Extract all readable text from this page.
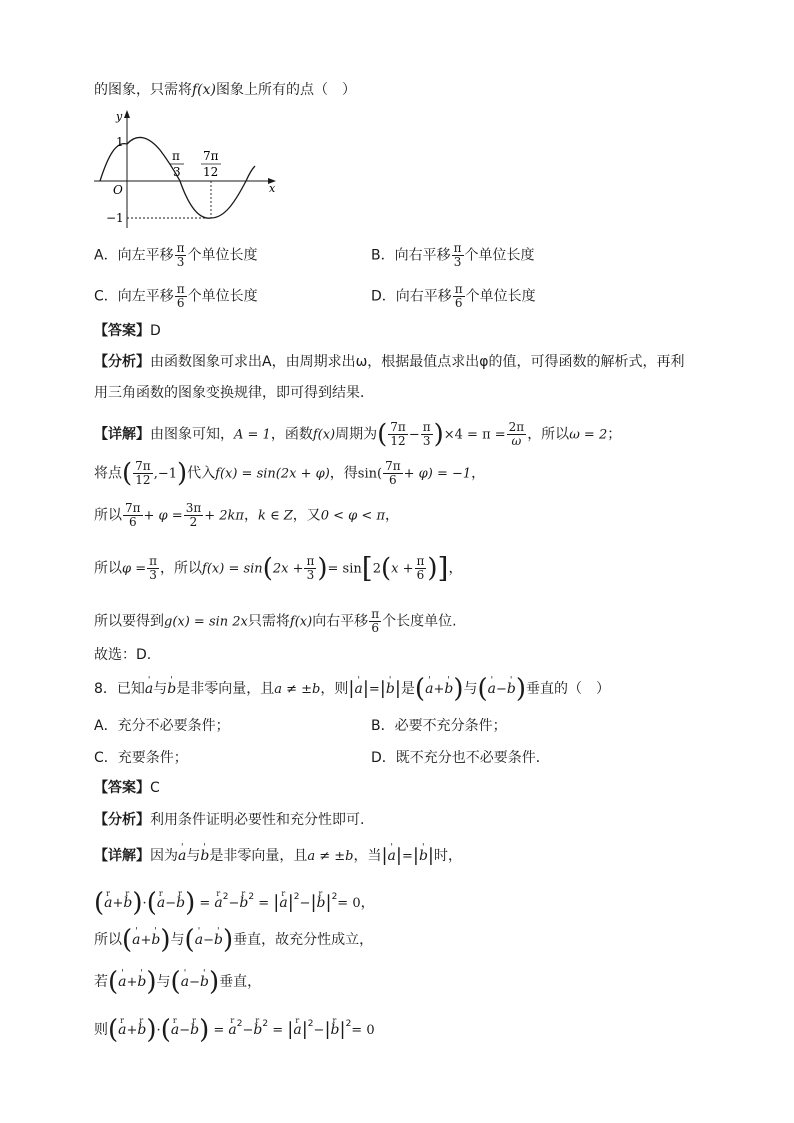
的图象，只需将f(x)图象上所有的点（　）
y
x
O
1
−1
π
3
7π
12
A．向左平移 $\frac{\pi}{3}$ 个单位长度	B．向右平移 $\frac{\pi}{3}$ 个单位长度
C．向左平移 $\frac{\pi}{6}$ 个单位长度	D．向右平移 $\frac{\pi}{6}$ 个单位长度
【答案】D
【分析】由函数图象可求出A，由周期求出ω，根据最值点求出φ的值，可得函数的解析式，再利
用三角函数的图象变换规律，即可得到结果．
【详解】由图象可知，A = 1，函数f(x)周期为( $\frac{7\pi}{12} - \frac{\pi}{3} )\times 4 = \pi = \frac{2\pi}{\omega}$ ，所以ω = 2；
将点( $\frac{7\pi}{12} ,-1$)代入f(x) = sin(2x + φ)，得$\sin( \frac{7\pi}{6} + \varphi) = -1$，
所以 $\frac{7\pi}{6} + \varphi = \frac{3\pi}{2} + 2k\pi$，k ∈ Z，又0 < φ < π，
所以$\varphi = \frac{\pi}{3}$ ，所以$f(x) = \sin(2x + \frac{\pi}{3}$ )= $\sin[2(x + \frac{\pi}{6}$ )]，
所以要得到g(x) = sin 2x只需将f(x)向右平移 $\frac{\pi}{6}$ 个长度单位.
故选：D.
8．已知' a与' b是非零向量，且a ≠ ±b，则|' a|=|' b|是(' a+' b)与(' a−' b)垂直的（　）
A．充分不必要条件；	B．必要不充分条件；
C．充要条件；	D．既不充分也不必要条件．
【答案】C
【分析】利用条件证明必要性和充分性即可.
【详解】因为' a与' b是非零向量，且a ≠ ±b，当|' a|=|' b|时，
(r a+r b)·(r a−r b) = r $a^2-r$ $b^2 = |r$ $a|^2-|r$ $b|^2= 0$，
所以(' a+' b)与(' a−' b)垂直，故充分性成立，
若(' a+' b)与(' a−' b)垂直，
则(r a+r b)·(r a−r b) = r $a^2-r$ $b^2 = |r$ $a|^2-|r$ $b|^2= 0$
